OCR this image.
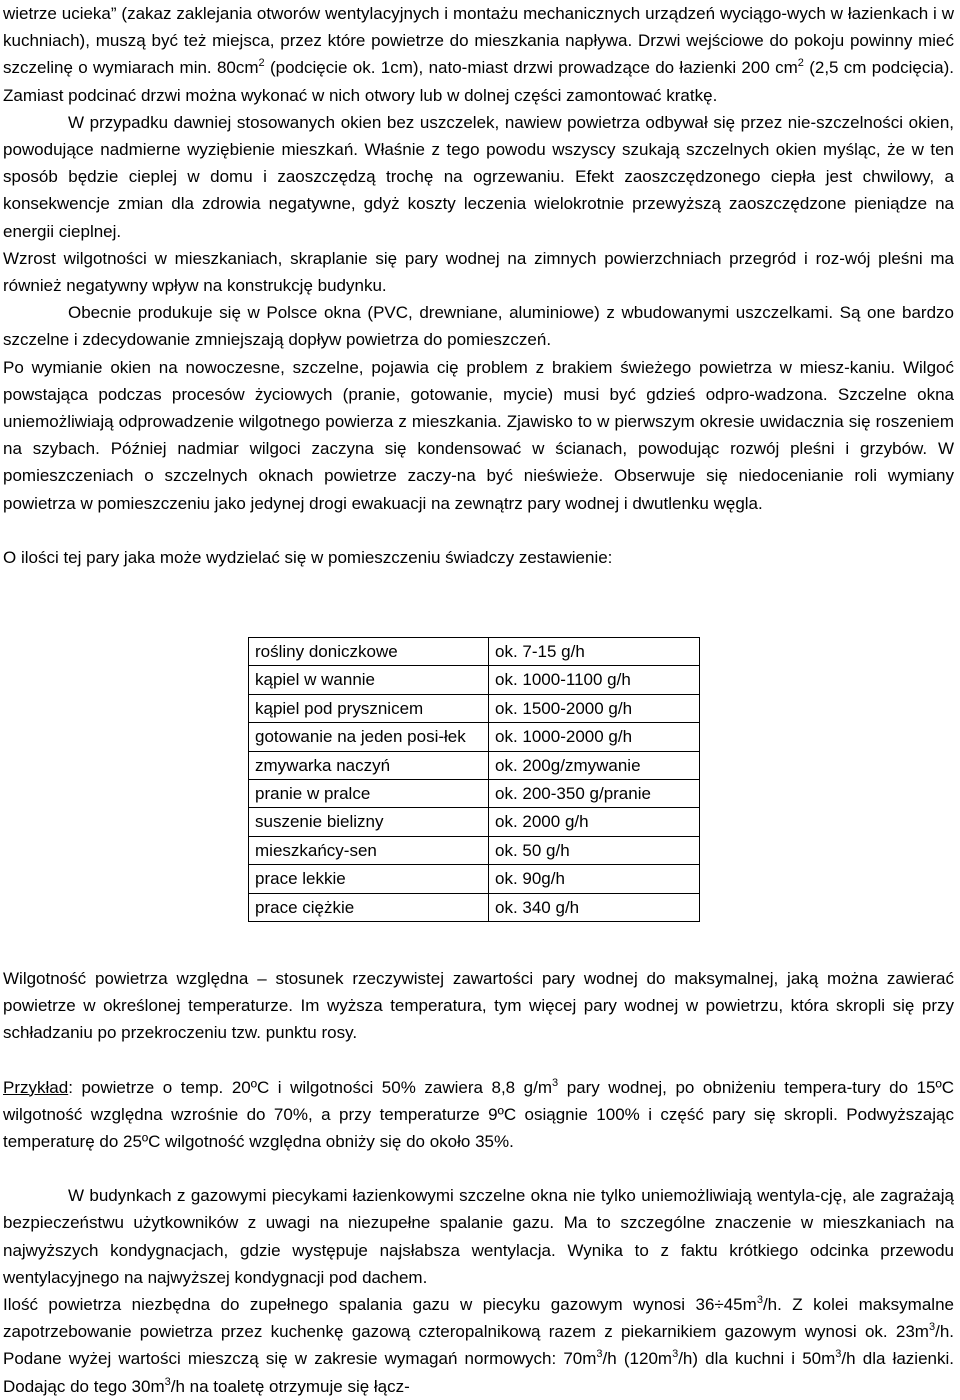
wietrze ucieka” (zakaz zaklejania otworów wentylacyjnych i montażu mechanicznych urządzeń wyciągo-wych w łazienkach i w kuchniach), muszą być też miejsca, przez które powietrze do mieszkania napływa. Drzwi wejściowe do pokoju powinny mieć szczelinę o wymiarach min. $80cm^2$ (podcięcie ok. 1cm), nato-miast drzwi prowadzące do łazienki 200 $cm^2$ (2,5 cm podcięcia). Zamiast podcinać drzwi można wykonać w nich otwory lub w dolnej części zamontować kratkę.

W przypadku dawniej stosowanych okien bez uszczelek, nawiew powietrza odbywał się przez nie-szczelności okien, powodujące nadmierne wyziębienie mieszkań. Właśnie z tego powodu wszyscy szukają szczelnych okien myśląc, że w ten sposób będzie cieplej w domu i zaoszczędzą trochę na ogrzewaniu. Efekt zaoszczędzonego ciepła jest chwilowy, a konsekwencje zmian dla zdrowia negatywne, gdyż koszty leczenia wielokrotnie przewyższą zaoszczędzone pieniądze na energii cieplnej.

Wzrost wilgotności w mieszkaniach, skraplanie się pary wodnej na zimnych powierzchniach przegród i roz-wój pleśni ma również negatywny wpływ na konstrukcję budynku.

Obecnie produkuje się w Polsce okna (PVC, drewniane, aluminiowe) z wbudowanymi uszczelkami. Są one bardzo szczelne i zdecydowanie zmniejszają dopływ powietrza do pomieszczeń.

Po wymianie okien na nowoczesne, szczelne, pojawia cię problem z brakiem świeżego powietrza w miesz-kaniu. Wilgoć powstająca podczas procesów życiowych (pranie, gotowanie, mycie) musi być gdzieś odpro-wadzona. Szczelne okna uniemożliwiają odprowadzenie wilgotnego powierza z mieszkania. Zjawisko to w pierwszym okresie uwidacznia się roszeniem na szybach. Później nadmiar wilgoci zaczyna się kondensować w ścianach, powodując rozwój pleśni i grzybów. W pomieszczeniach o szczelnych oknach powietrze zaczy-na być nieświeże. Obserwuje się niedocenianie roli wymiany powietrza w pomieszczeniu jako jedynej drogi ewakuacji na zewnątrz pary wodnej i dwutlenku węgla.

O ilości tej pary jaka może wydzielać się w pomieszczeniu świadczy zestawienie:

rośliny doniczkowe	ok. 7-15 g/h
kąpiel w wannie	ok. 1000-1100 g/h
kąpiel pod prysznicem	ok. 1500-2000 g/h
gotowanie na jeden posi-łek	ok. 1000-2000 g/h
zmywarka naczyń	ok. 200g/zmywanie
pranie w pralce	ok. 200-350 g/pranie
suszenie bielizny	ok. 2000 g/h
mieszkańcy-sen	ok. 50 g/h
prace lekkie	ok. 90g/h
prace ciężkie	ok. 340 g/h

Wilgotność powietrza względna – stosunek rzeczywistej zawartości pary wodnej do maksymalnej, jaką można zawierać powietrze w określonej temperaturze. Im wyższa temperatura, tym więcej pary wodnej w powietrzu, która skropli się przy schładzaniu po przekroczeniu tzw. punktu rosy.

Przykład: powietrze o temp. 20ºC i wilgotności 50% zawiera 8,8 $g/m^3$ pary wodnej, po obniżeniu tempera-tury do 15ºC wilgotność względna wzrośnie do 70%, a przy temperaturze 9ºC osiągnie 100% i część pary się skropli. Podwyższając temperaturę do 25ºC wilgotność względna obniży się do około 35%.

W budynkach z gazowymi piecykami łazienkowymi szczelne okna nie tylko uniemożliwiają wentyla-cję, ale zagrażają bezpieczeństwu użytkowników z uwagi na niezupełne spalanie gazu. Ma to szczególne znaczenie w mieszkaniach na najwyższych kondygnacjach, gdzie występuje najsłabsza wentylacja. Wynika to z faktu krótkiego odcinka przewodu wentylacyjnego na najwyższej kondygnacji pod dachem.

Ilość powietrza niezbędna do zupełnego spalania gazu w piecyku gazowym wynosi $36\div 45m^3/h$. Z kolei maksymalne zapotrzebowanie powietrza przez kuchenkę gazową czteropalnikową razem z piekarnikiem gazowym wynosi ok. $23m^3/h$. Podane wyżej wartości mieszczą się w zakresie wymagań normowych: $70m^3/h$ $(120m^3/h)$ dla kuchni i $50m^3/h$ dla łazienki. Dodając do tego $30m^3/h$ na toaletę otrzymuje się łącz-
